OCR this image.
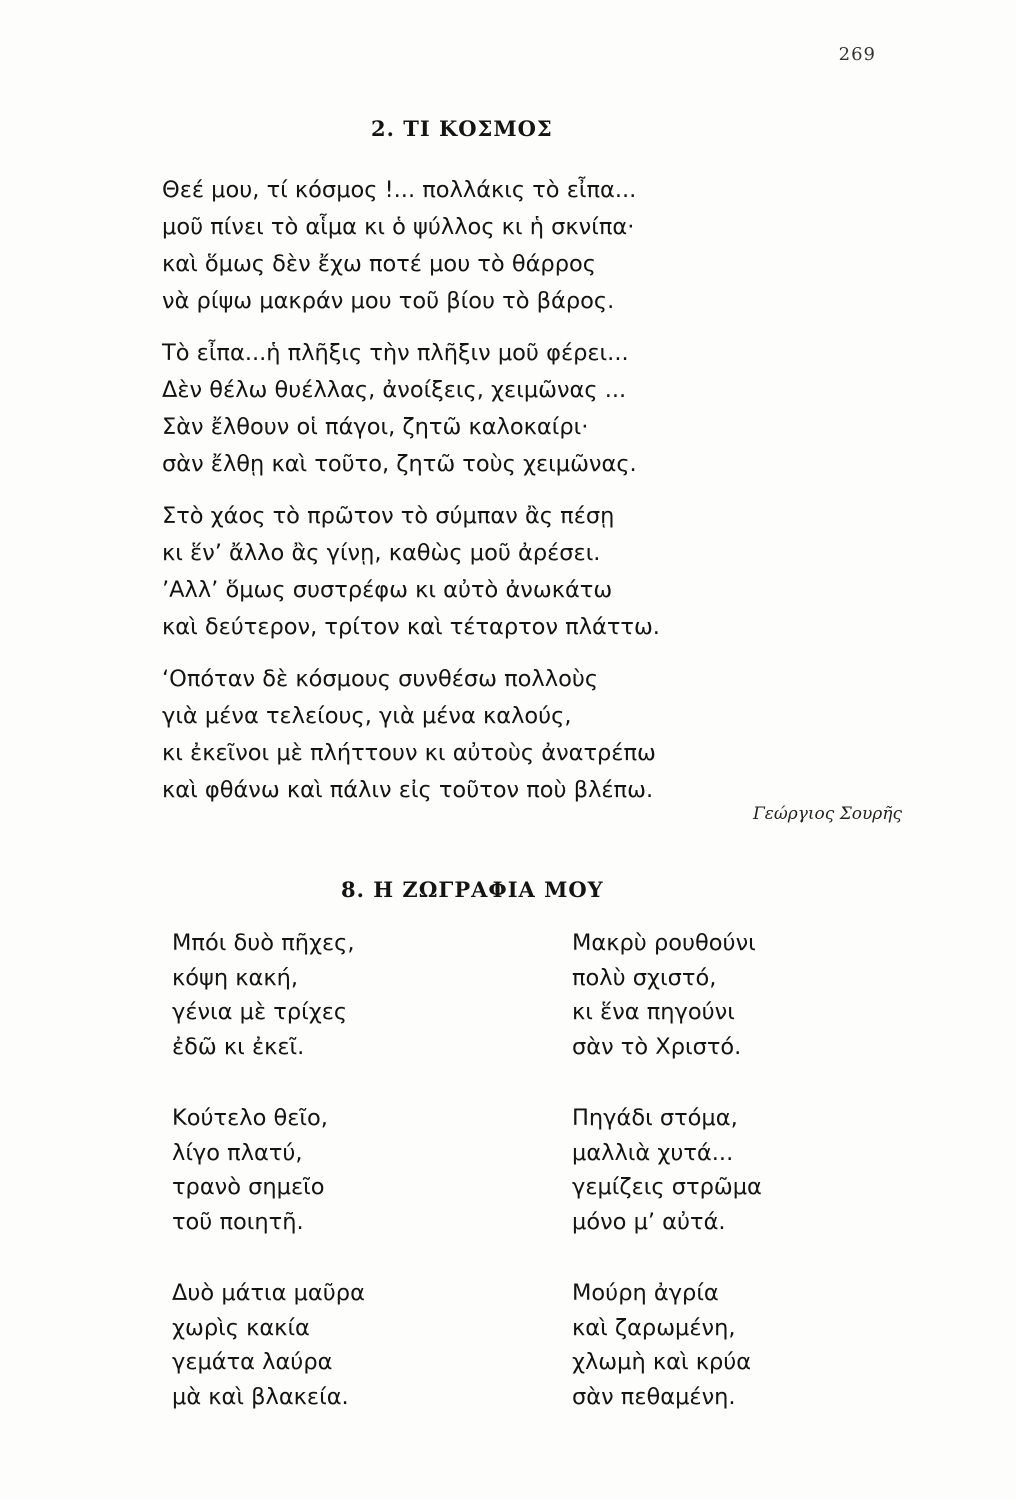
269
2. ΤΙ ΚΟΣΜΟΣ
Θεέ μου, τί κόσμος !... πολλάκις τὸ εἶπα...
μοῦ πίνει τὸ αἷμα κι ὁ ψύλλος κι ἡ σκνίπα·
καὶ ὅμως δὲν ἔχω ποτέ μου τὸ θάρρος
νὰ ρίψω μακράν μου τοῦ βίου τὸ βάρος.
Τὸ εἶπα...ἡ πλῆξις τὴν πλῆξιν μοῦ φέρει...
Δὲν θέλω θυέλλας, ἀνοίξεις, χειμῶνας ...
Σὰν ἔλθουν οἱ πάγοι, ζητῶ καλοκαίρι·
σὰν ἔλθῃ καὶ τοῦτο, ζητῶ τοὺς χειμῶνας.
Στὸ χάος τὸ πρῶτον τὸ σύμπαν ἂς πέσῃ
κι ἕν’ ἄλλο ἂς γίνῃ, καθὼς μοῦ ἀρέσει.
’Αλλ’ ὅμως συστρέφω κι αὐτὸ ἀνωκάτω
καὶ δεύτερον, τρίτον καὶ τέταρτον πλάττω.
‘Οπόταν δὲ κόσμους συνθέσω πολλοὺς
γιὰ μένα τελείους, γιὰ μένα καλούς,
κι ἐκεῖνοι μὲ πλήττουν κι αὐτοὺς ἀνατρέπω
καὶ φθάνω καὶ πάλιν εἰς τοῦτον ποὺ βλέπω.
Γεώργιος Σουρῆς
8. Η ΖΩΓΡΑΦΙΑ ΜΟΥ
Μπόι δυὸ πῆχες,
κόψη κακή,
γένια μὲ τρίχες
ἐδῶ κι ἐκεῖ.
Κούτελο θεῖο,
λίγο πλατύ,
τρανὸ σημεῖο
τοῦ ποιητῆ.
Δυὸ μάτια μαῦρα
χωρὶς κακία
γεμάτα λαύρα
μὰ καὶ βλακεία.
Μακρὺ ρουθούνι
πολὺ σχιστό,
κι ἕνα πηγούνι
σὰν τὸ Χριστό.
Πηγάδι στόμα,
μαλλιὰ χυτά...
γεμίζεις στρῶμα
μόνο μ’ αὐτά.
Μούρη ἀγρία
καὶ ζαρωμένη,
χλωμὴ καὶ κρύα
σὰν πεθαμένη.
